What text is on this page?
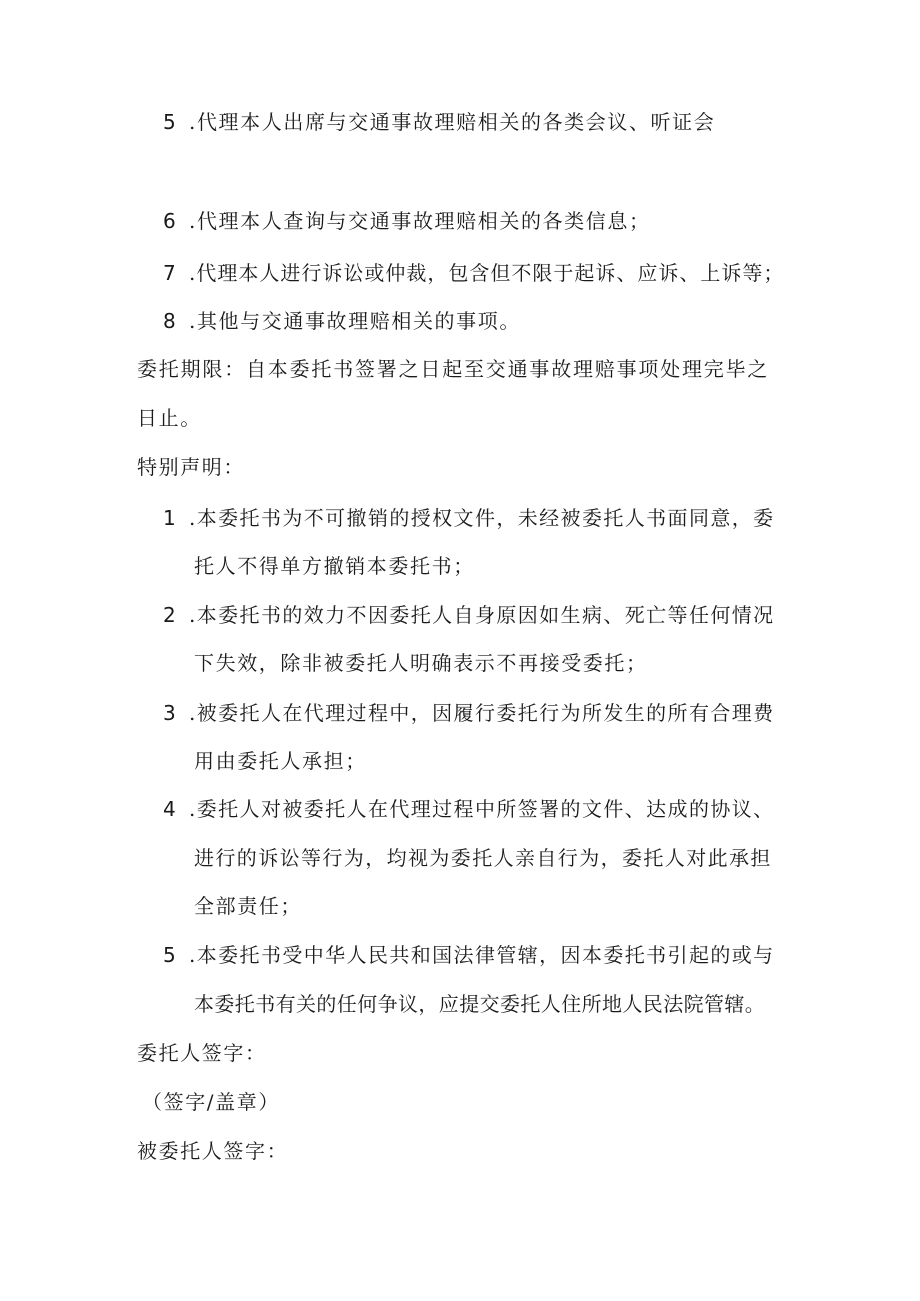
5 .代理本人出席与交通事故理赔相关的各类会议、听证会
6 .代理本人查询与交通事故理赔相关的各类信息；
7 .代理本人进行诉讼或仲裁，包含但不限于起诉、应诉、上诉等；
8 .其他与交通事故理赔相关的事项。
委托期限：自本委托书签署之日起至交通事故理赔事项处理完毕之
日止。
特别声明：
1 .本委托书为不可撤销的授权文件，未经被委托人书面同意，委
托人不得单方撤销本委托书；
2 .本委托书的效力不因委托人自身原因如生病、死亡等任何情况
下失效，除非被委托人明确表示不再接受委托；
3 .被委托人在代理过程中，因履行委托行为所发生的所有合理费
用由委托人承担；
4 .委托人对被委托人在代理过程中所签署的文件、达成的协议、
进行的诉讼等行为，均视为委托人亲自行为，委托人对此承担
全部责任；
5 .本委托书受中华人民共和国法律管辖，因本委托书引起的或与
本委托书有关的任何争议，应提交委托人住所地人民法院管辖。
委托人签字：
（签字/盖章）
被委托人签字：
